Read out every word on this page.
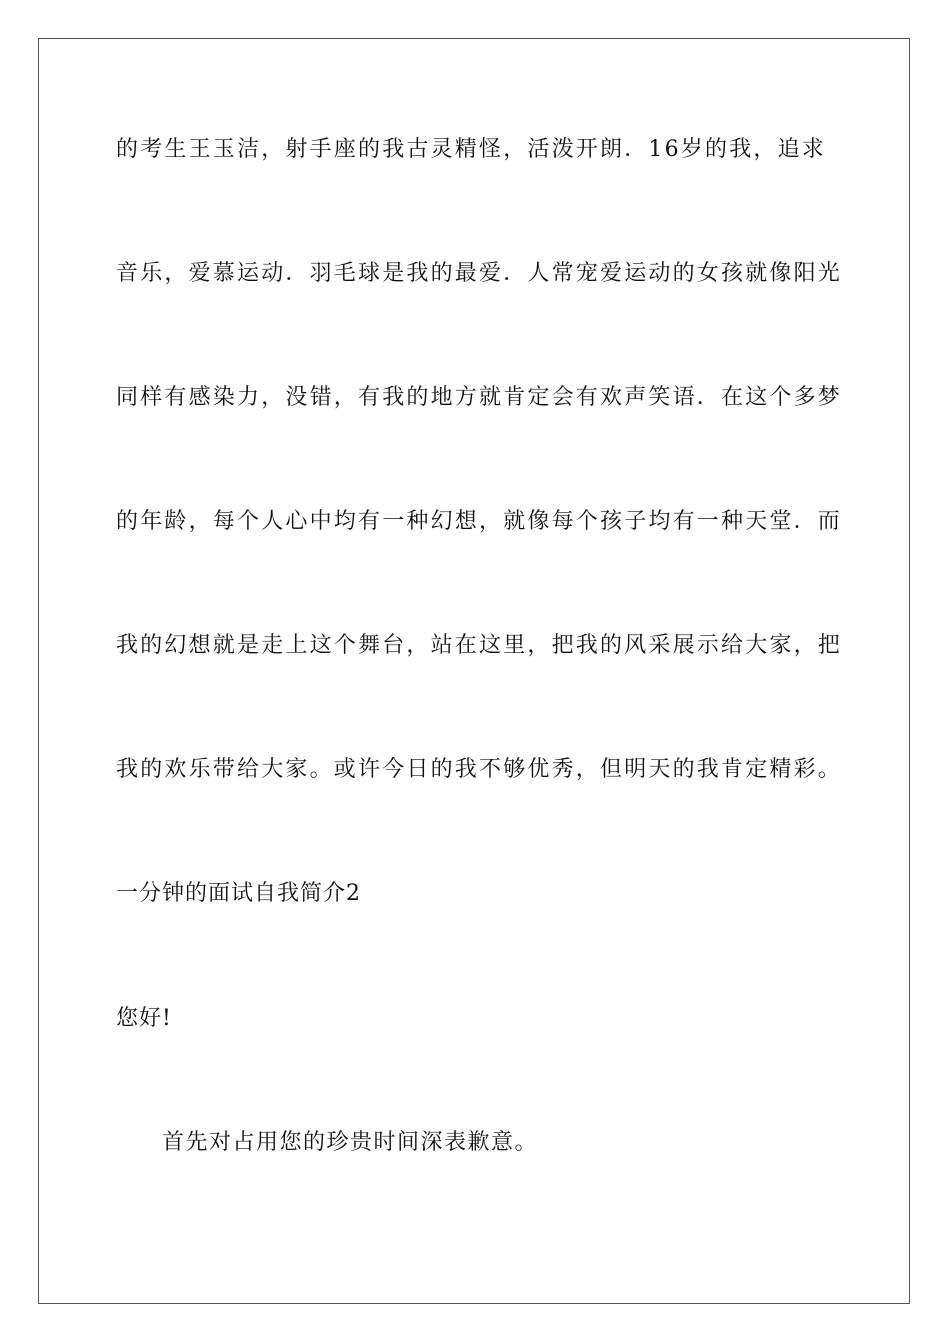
的考生王玉洁，射手座的我古灵精怪，活泼开朗．16岁的我，追求
音乐，爱慕运动．羽毛球是我的最爱．人常宠爱运动的女孩就像阳光
同样有感染力，没错，有我的地方就肯定会有欢声笑语．在这个多梦
的年龄，每个人心中均有一种幻想，就像每个孩子均有一种天堂．而
我的幻想就是走上这个舞台，站在这里，把我的风采展示给大家，把
我的欢乐带给大家。或许今日的我不够优秀，但明天的我肯定精彩。
一分钟的面试自我简介2
您好!
首先对占用您的珍贵时间深表歉意。
